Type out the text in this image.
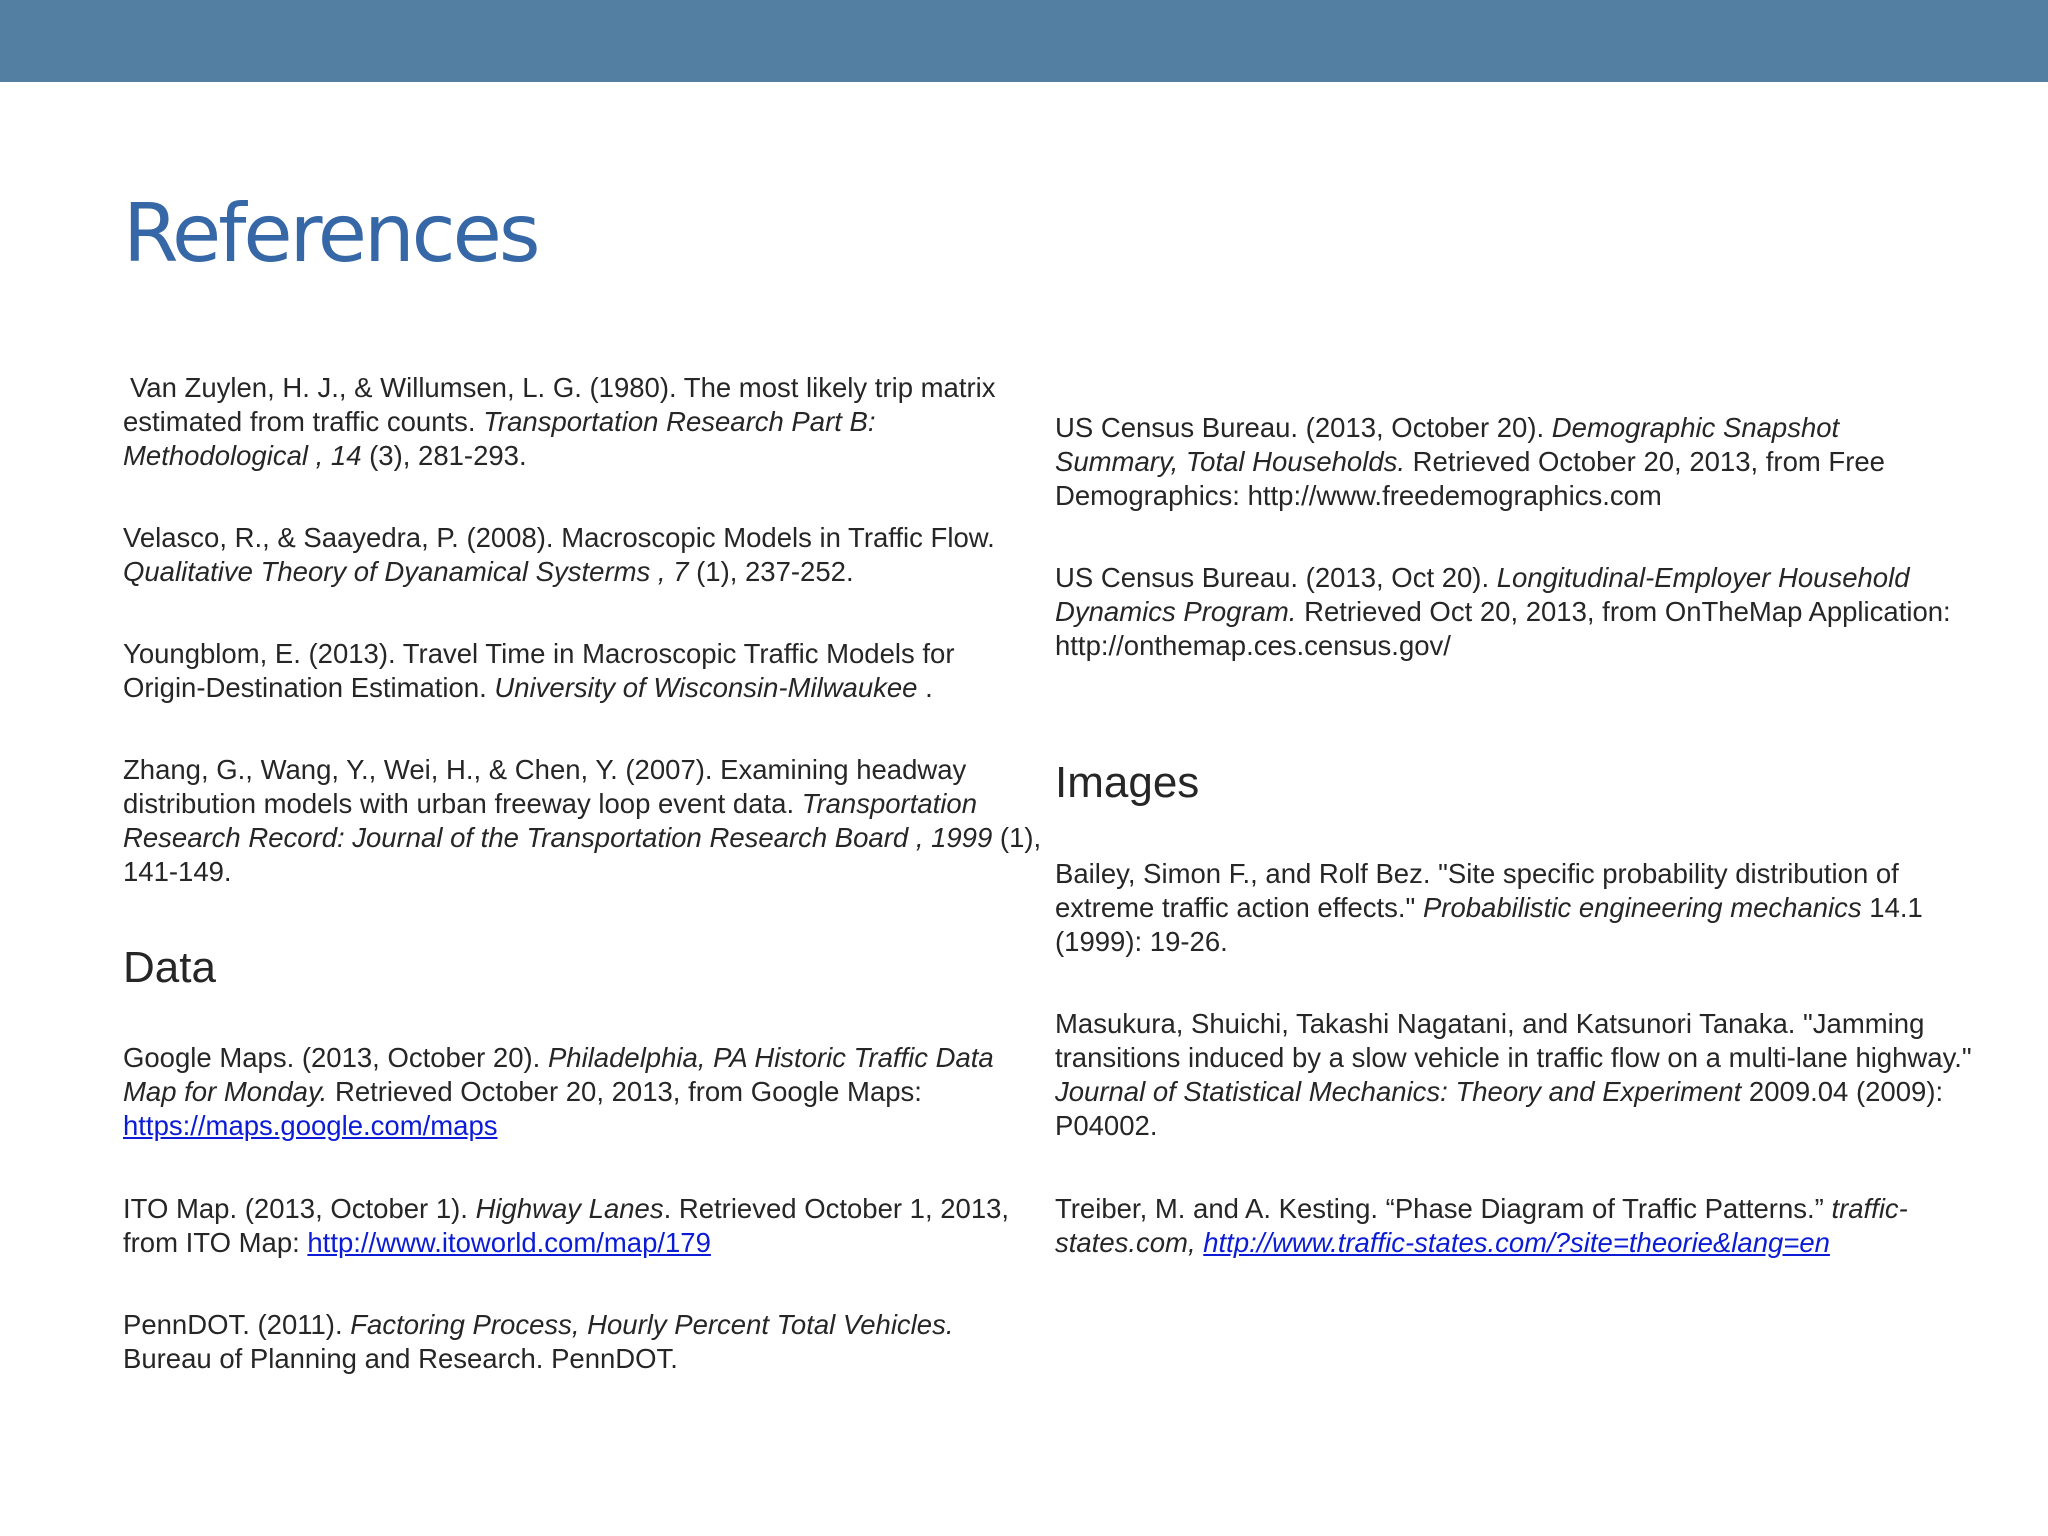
References

Van Zuylen, H. J., & Willumsen, L. G. (1980). The most likely trip matrix estimated from traffic counts. Transportation Research Part B: Methodological , 14 (3), 281-293.

Velasco, R., & Saayedra, P. (2008). Macroscopic Models in Traffic Flow. Qualitative Theory of Dyanamical Systerms , 7 (1), 237-252.

Youngblom, E. (2013). Travel Time in Macroscopic Traffic Models for Origin-Destination Estimation. University of Wisconsin-Milwaukee .

Zhang, G., Wang, Y., Wei, H., & Chen, Y. (2007). Examining headway distribution models with urban freeway loop event data. Transportation Research Record: Journal of the Transportation Research Board , 1999 (1), 141-149.

Data

Google Maps. (2013, October 20). Philadelphia, PA Historic Traffic Data Map for Monday. Retrieved October 20, 2013, from Google Maps: https://maps.google.com/maps

ITO Map. (2013, October 1). Highway Lanes. Retrieved October 1, 2013, from ITO Map: http://www.itoworld.com/map/179

PennDOT. (2011). Factoring Process, Hourly Percent Total Vehicles. Bureau of Planning and Research. PennDOT.

US Census Bureau. (2013, October 20). Demographic Snapshot Summary, Total Households. Retrieved October 20, 2013, from Free Demographics: http://www.freedemographics.com

US Census Bureau. (2013, Oct 20). Longitudinal-Employer Household Dynamics Program. Retrieved Oct 20, 2013, from OnTheMap Application: http://onthemap.ces.census.gov/

Images

Bailey, Simon F., and Rolf Bez. "Site specific probability distribution of extreme traffic action effects." Probabilistic engineering mechanics 14.1 (1999): 19-26.

Masukura, Shuichi, Takashi Nagatani, and Katsunori Tanaka. "Jamming transitions induced by a slow vehicle in traffic flow on a multi-lane highway." Journal of Statistical Mechanics: Theory and Experiment 2009.04 (2009): P04002.

Treiber, M. and A. Kesting. “Phase Diagram of Traffic Patterns.” traffic-states.com, http://www.traffic-states.com/?site=theorie&lang=en
